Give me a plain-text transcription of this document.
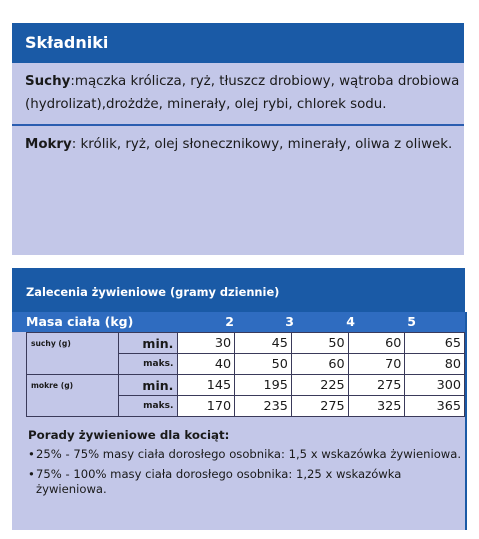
Składniki
Suchy:mączka królicza, ryż, tłuszcz drobiowy, wątroba drobiowa (hydrolizat),drożdże, minerały, olej rybi, chlorek sodu.
Mokry: królik, ryż, olej słonecznikowy, minerały, oliwa z oliwek.
Zalecenia żywieniowe (gramy dziennie)
Masa ciała (kg)	2	3	4	5	6
suchy (g)	min.	30	45	50	60	65
	maks.	40	50	60	70	80
mokre (g)	min.	145	195	225	275	300
	maks.	170	235	275	325	365
Porady żywieniowe dla kociąt:
• 25% - 75% masy ciała dorosłego osobnika: 1,5 x wskazówka żywieniowa.
• 75% - 100% masy ciała dorosłego osobnika: 1,25 x wskazówka żywieniowa.
